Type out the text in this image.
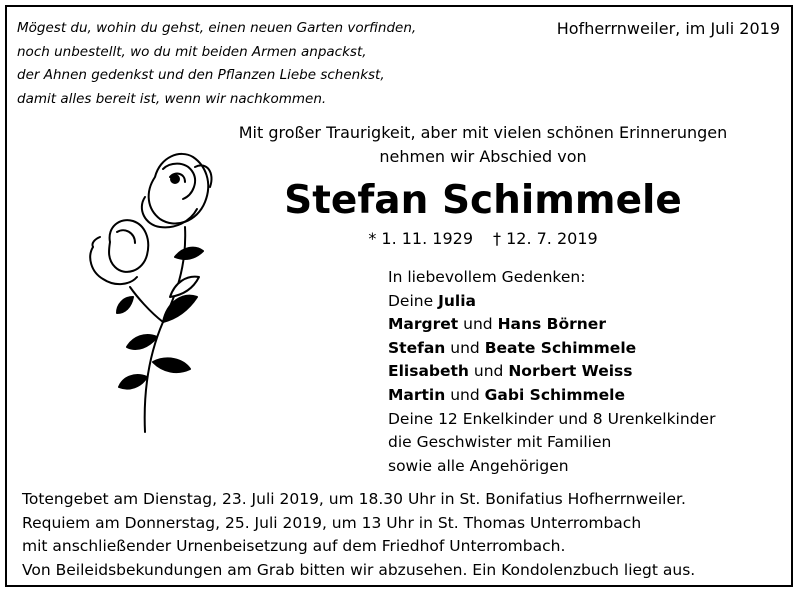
Mögest du, wohin du gehst, einen neuen Garten vorfinden,
noch unbestellt, wo du mit beiden Armen anpackst,
der Ahnen gedenkst und den Pflanzen Liebe schenkst,
damit alles bereit ist, wenn wir nachkommen.
Hofherrnweiler, im Juli 2019
Mit großer Traurigkeit, aber mit vielen schönen Erinnerungen
nehmen wir Abschied von
Stefan Schimmele
* 1. 11. 1929 † 12. 7. 2019
In liebevollem Gedenken:
Deine Julia
Margret und Hans Börner
Stefan und Beate Schimmele
Elisabeth und Norbert Weiss
Martin und Gabi Schimmele
Deine 12 Enkelkinder und 8 Urenkelkinder
die Geschwister mit Familien
sowie alle Angehörigen
Totengebet am Dienstag, 23. Juli 2019, um 18.30 Uhr in St. Bonifatius Hofherrnweiler.
Requiem am Donnerstag, 25. Juli 2019, um 13 Uhr in St. Thomas Unterrombach
mit anschließender Urnenbeisetzung auf dem Friedhof Unterrombach.
Von Beileidsbekundungen am Grab bitten wir abzusehen. Ein Kondolenzbuch liegt aus.
